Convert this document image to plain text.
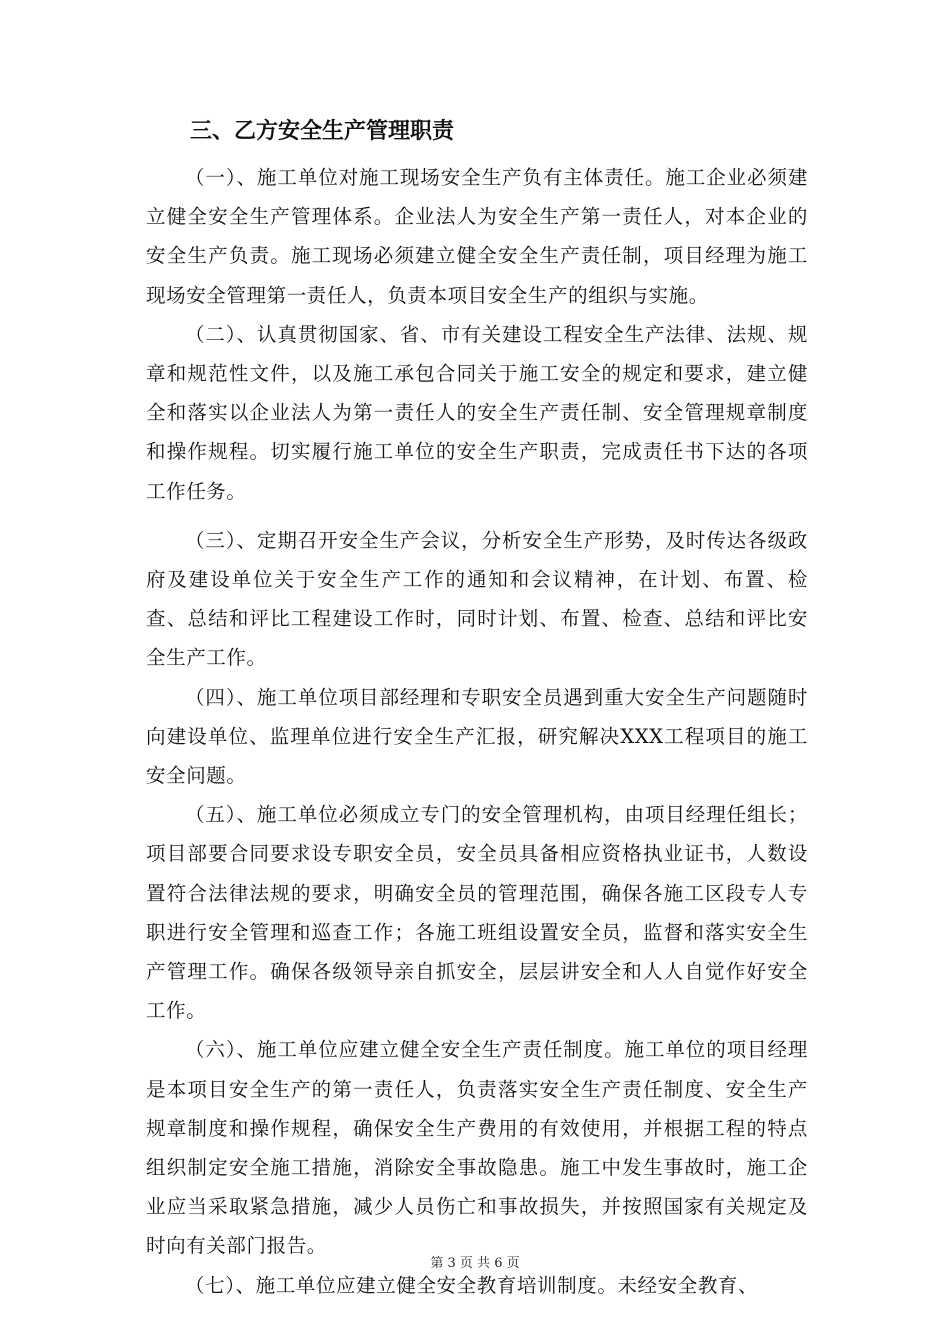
三、乙方安全生产管理职责

（一）、施工单位对施工现场安全生产负有主体责任。施工企业必须建立健全安全生产管理体系。企业法人为安全生产第一责任人，对本企业的安全生产负责。施工现场必须建立健全安全生产责任制，项目经理为施工现场安全管理第一责任人，负责本项目安全生产的组织与实施。

（二）、认真贯彻国家、省、市有关建设工程安全生产法律、法规、规章和规范性文件，以及施工承包合同关于施工安全的规定和要求，建立健全和落实以企业法人为第一责任人的安全生产责任制、安全管理规章制度和操作规程。切实履行施工单位的安全生产职责，完成责任书下达的各项工作任务。

（三）、定期召开安全生产会议，分析安全生产形势，及时传达各级政府及建设单位关于安全生产工作的通知和会议精神，在计划、布置、检查、总结和评比工程建设工作时，同时计划、布置、检查、总结和评比安全生产工作。

（四）、施工单位项目部经理和专职安全员遇到重大安全生产问题随时向建设单位、监理单位进行安全生产汇报，研究解决XXX工程项目的施工安全问题。

（五）、施工单位必须成立专门的安全管理机构，由项目经理任组长；项目部要合同要求设专职安全员，安全员具备相应资格执业证书，人数设置符合法律法规的要求，明确安全员的管理范围，确保各施工区段专人专职进行安全管理和巡查工作；各施工班组设置安全员，监督和落实安全生产管理工作。确保各级领导亲自抓安全，层层讲安全和人人自觉作好安全工作。

（六）、施工单位应建立健全安全生产责任制度。施工单位的项目经理是本项目安全生产的第一责任人，负责落实安全生产责任制度、安全生产规章制度和操作规程，确保安全生产费用的有效使用，并根据工程的特点组织制定安全施工措施，消除安全事故隐患。施工中发生事故时，施工企业应当采取紧急措施，减少人员伤亡和事故损失，并按照国家有关规定及时向有关部门报告。

（七）、施工单位应建立健全安全教育培训制度。未经安全教育、

第 3 页 共 6 页
